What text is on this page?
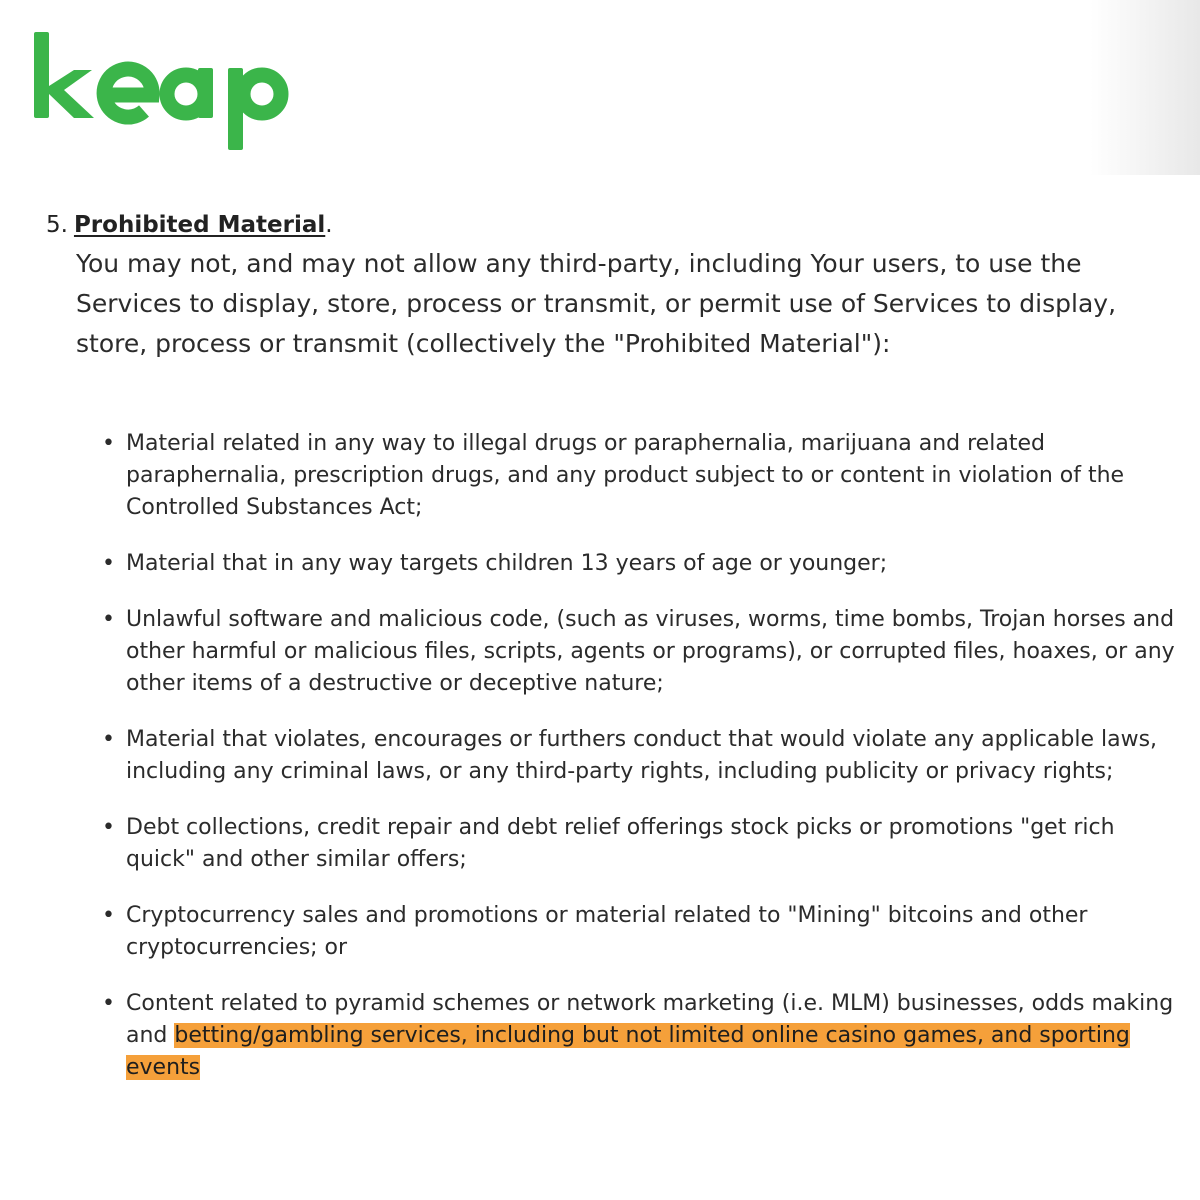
5. Prohibited Material.

You may not, and may not allow any third-party, including Your users, to use the Services to display, store, process or transmit, or permit use of Services to display, store, process or transmit (collectively the "Prohibited Material"):

• Material related in any way to illegal drugs or paraphernalia, marijuana and related paraphernalia, prescription drugs, and any product subject to or content in violation of the Controlled Substances Act;
• Material that in any way targets children 13 years of age or younger;
• Unlawful software and malicious code, (such as viruses, worms, time bombs, Trojan horses and other harmful or malicious files, scripts, agents or programs), or corrupted files, hoaxes, or any other items of a destructive or deceptive nature;
• Material that violates, encourages or furthers conduct that would violate any applicable laws, including any criminal laws, or any third-party rights, including publicity or privacy rights;
• Debt collections, credit repair and debt relief offerings stock picks or promotions "get rich quick" and other similar offers;
• Cryptocurrency sales and promotions or material related to "Mining" bitcoins and other cryptocurrencies; or
• Content related to pyramid schemes or network marketing (i.e. MLM) businesses, odds making and betting/gambling services, including but not limited online casino games, and sporting events
